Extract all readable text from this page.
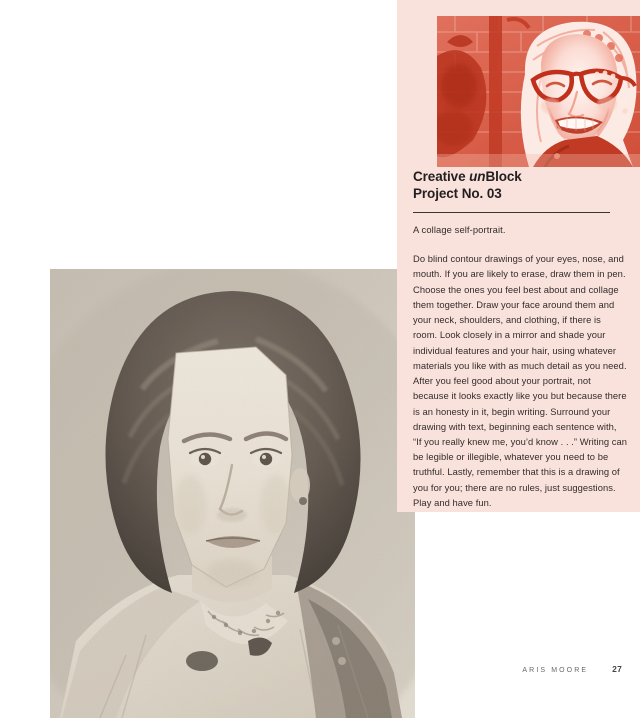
Creative unBlock
Project No. 03

A collage self-portrait.

Do blind contour drawings of your eyes, nose, and mouth. If you are likely to erase, draw them in pen. Choose the ones you feel best about and collage them together. Draw your face around them and your neck, shoulders, and clothing, if there is room. Look closely in a mirror and shade your individual features and your hair, using whatever materials you like with as much detail as you need. After you feel good about your portrait, not because it looks exactly like you but because there is an honesty in it, begin writing. Surround your drawing with text, beginning each sentence with, “If you really knew me, you’d know . . .” Writing can be legible or illegible, whatever you need to be truthful. Lastly, remember that this is a drawing of you for you; there are no rules, just suggestions. Play and have fun.

ARIS MOORE	27
